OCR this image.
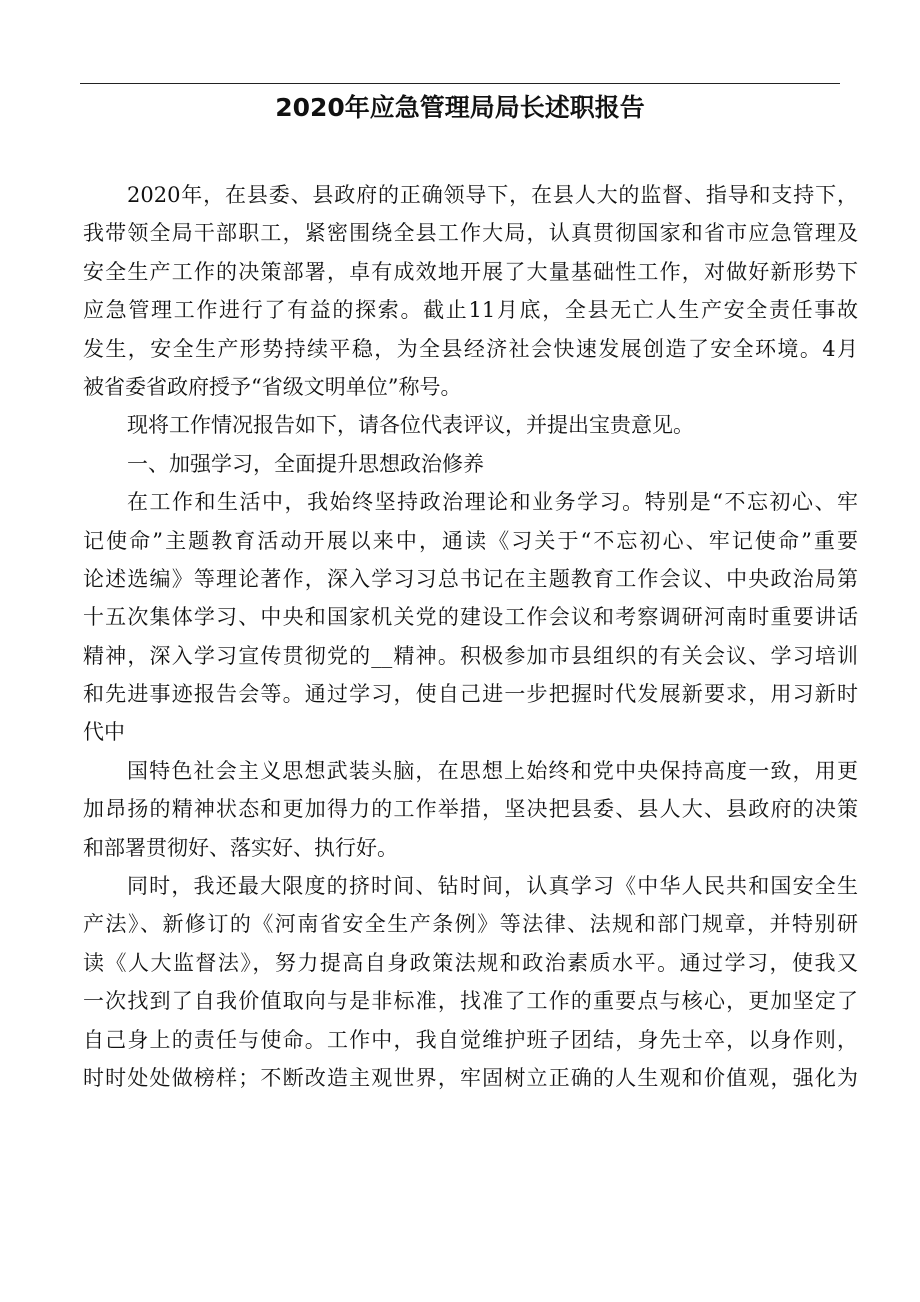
2020年应急管理局局长述职报告
2020年，在县委、县政府的正确领导下，在县人大的监督、指导和支持下，
我带领全局干部职工，紧密围绕全县工作大局，认真贯彻国家和省市应急管理及
安全生产工作的决策部署，卓有成效地开展了大量基础性工作，对做好新形势下
应急管理工作进行了有益的探索。截止11月底，全县无亡人生产安全责任事故
发生，安全生产形势持续平稳，为全县经济社会快速发展创造了安全环境。4月
被省委省政府授予“省级文明单位”称号。
现将工作情况报告如下，请各位代表评议，并提出宝贵意见。
一、加强学习，全面提升思想政治修养
在工作和生活中，我始终坚持政治理论和业务学习。特别是“不忘初心、牢
记使命”主题教育活动开展以来中，通读《习关于“不忘初心、牢记使命”重要
论述选编》等理论著作，深入学习习总书记在主题教育工作会议、中央政治局第
十五次集体学习、中央和国家机关党的建设工作会议和考察调研河南时重要讲话
精神，深入学习宣传贯彻党的__精神。积极参加市县组织的有关会议、学习培训
和先进事迹报告会等。通过学习，使自己进一步把握时代发展新要求，用习新时
代中
国特色社会主义思想武装头脑，在思想上始终和党中央保持高度一致，用更
加昂扬的精神状态和更加得力的工作举措，坚决把县委、县人大、县政府的决策
和部署贯彻好、落实好、执行好。
同时，我还最大限度的挤时间、钻时间，认真学习《中华人民共和国安全生
产法》、新修订的《河南省安全生产条例》等法律、法规和部门规章，并特别研
读《人大监督法》，努力提高自身政策法规和政治素质水平。通过学习，使我又
一次找到了自我价值取向与是非标准，找准了工作的重要点与核心，更加坚定了
自己身上的责任与使命。工作中，我自觉维护班子团结，身先士卒，以身作则，
时时处处做榜样；不断改造主观世界，牢固树立正确的人生观和价值观，强化为
